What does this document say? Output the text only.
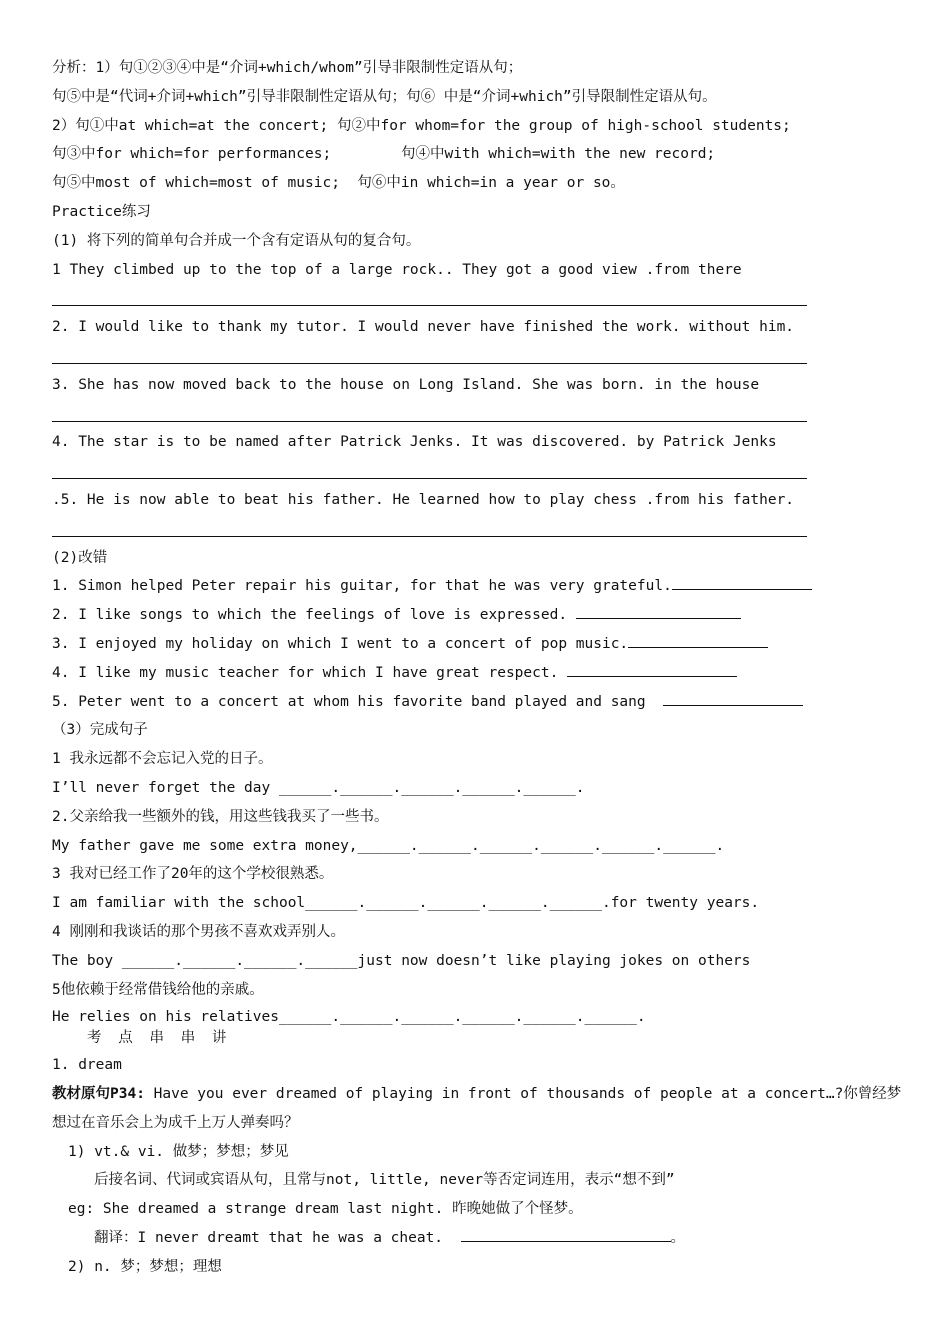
分析：1）句①②③④中是“介词+which/whom”引导非限制性定语从句；
句⑤中是“代词+介词+which”引导非限制性定语从句；句⑥ 中是“介词+which”引导限制性定语从句。
2）句①中at which=at the concert; 句②中for whom=for the group of high-school students;
句③中for which=for performances;        句④中with which=with the new record;
句⑤中most of which=most of music;  句⑥中in which=in a year or so。
Practice练习
(1) 将下列的简单句合并成一个含有定语从句的复合句。
1 They climbed up to the top of a large rock.. They got a good view .from there
2. I would like to thank my tutor. I would never have finished the work. without him.
3. She has now moved back to the house on Long Island. She was born. in the house
4. The star is to be named after Patrick Jenks. It was discovered. by Patrick Jenks
.5. He is now able to beat his father. He learned how to play chess .from his father.
(2)改错
1. Simon helped Peter repair his guitar, for that he was very grateful.
2. I like songs to which the feelings of love is expressed.
3. I enjoyed my holiday on which I went to a concert of pop music.
4. I like my music teacher for which I have great respect.
5. Peter went to a concert at whom his favorite band played and sang
（3）完成句子
1 我永远都不会忘记入党的日子。
I’ll never forget the day ______.______.______.______.______.
2.父亲给我一些额外的钱，用这些钱我买了一些书。
My father gave me some extra money,______.______.______.______.______.______.
3 我对已经工作了20年的这个学校很熟悉。
I am familiar with the school______.______.______.______.______.for twenty years.
4 刚刚和我谈话的那个男孩不喜欢戏弄别人。
The boy ______.______.______.______just now doesn’t like playing jokes on others
5他依赖于经常借钱给他的亲戚。
He relies on his relatives______.______.______.______.______.______.
考 点 串 串 讲
1. dream
教材原句P34: Have you ever dreamed of playing in front of thousands of people at a concert…?你曾经梦
想过在音乐会上为成千上万人弹奏吗？
1) vt.& vi. 做梦；梦想；梦见
后接名词、代词或宾语从句，且常与not, little, never等否定词连用，表示“想不到”
eg: She dreamed a strange dream last night. 昨晚她做了个怪梦。
翻译：I never dreamt that he was a cheat.	。
2) n. 梦；梦想；理想
